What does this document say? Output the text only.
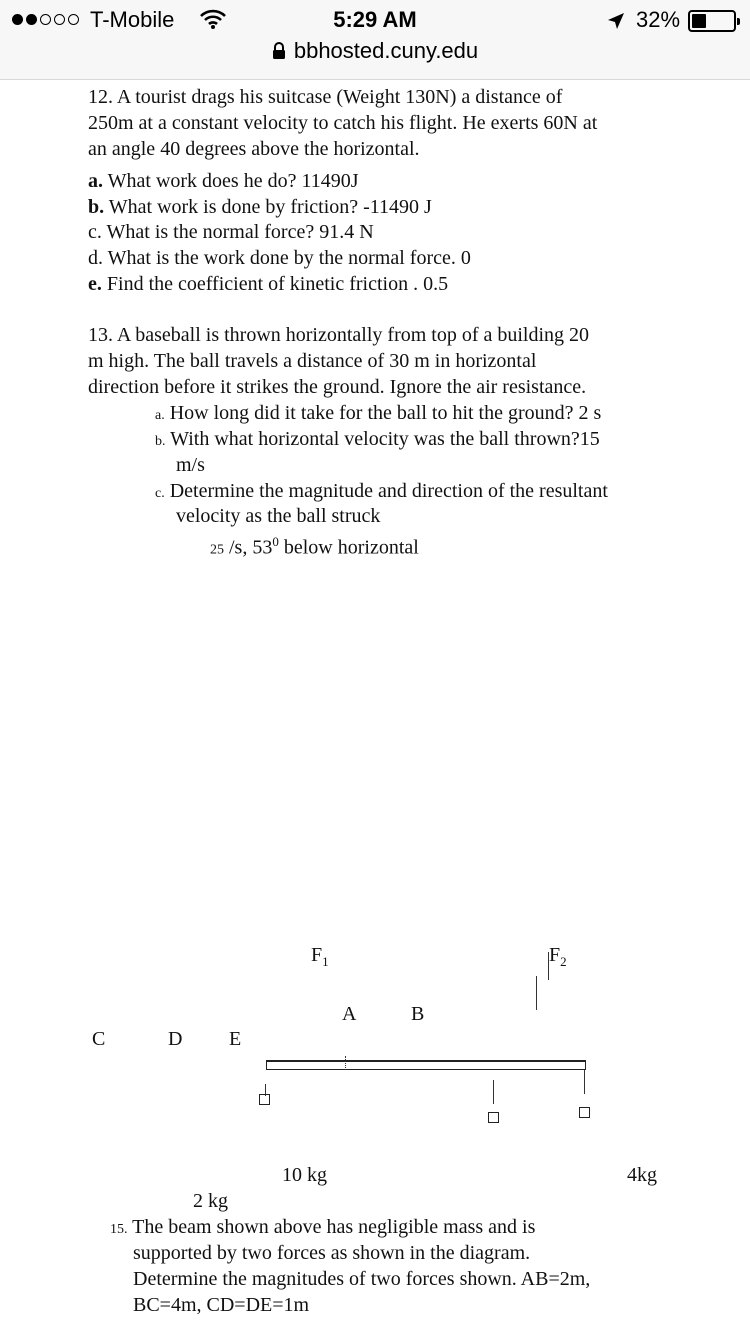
T-Mobile	5:29 AM	32%
bbhosted.cuny.edu
12. A tourist drags his suitcase (Weight 130N) a distance of
250m at a constant velocity to catch his flight. He exerts 60N at
an angle 40 degrees above the horizontal.
a. What work does he do? 11490J
b. What work is done by friction? -11490 J
c. What is the normal force? 91.4 N
d. What is the work done by the normal force. 0
e. Find the coefficient of kinetic friction . 0.5
13. A baseball is thrown horizontally from top of a building 20
m high. The ball travels a distance of 30 m in horizontal
direction before it strikes the ground. Ignore the air resistance.
a. How long did it take for the ball to hit the ground? 2 s
b. With what horizontal velocity was the ball thrown?15
m/s
c. Determine the magnitude and direction of the resultant
velocity as the ball struck
25 /s, $53^0$ below horizontal
$F_1$	$F_2$
A	B
C	D E
10 kg	4kg
2 kg
15. The beam shown above has negligible mass and is
supported by two forces as shown in the diagram.
Determine the magnitudes of two forces shown. AB=2m,
BC=4m, CD=DE=1m
